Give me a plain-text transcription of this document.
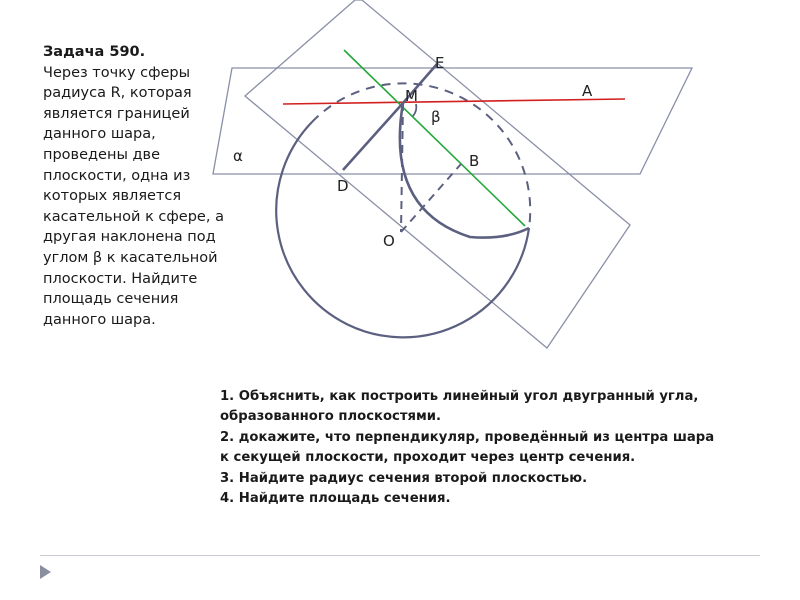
E
M	A
β
α	B
D
O
Задача 590.
Через точку сферы радиуса R, которая является границей данного шара, проведены две плоскости, одна из которых является касательной к сфере, а другая наклонена под углом β к касательной плоскости. Найдите площадь сечения данного шара.
1. Объяснить, как построить линейный угол двугранный угла,
образованного плоскостями.
2. докажите, что перпендикуляр, проведённый из центра шара
к секущей плоскости, проходит через центр сечения.
3. Найдите радиус сечения второй плоскостью.
4. Найдите площадь сечения.
